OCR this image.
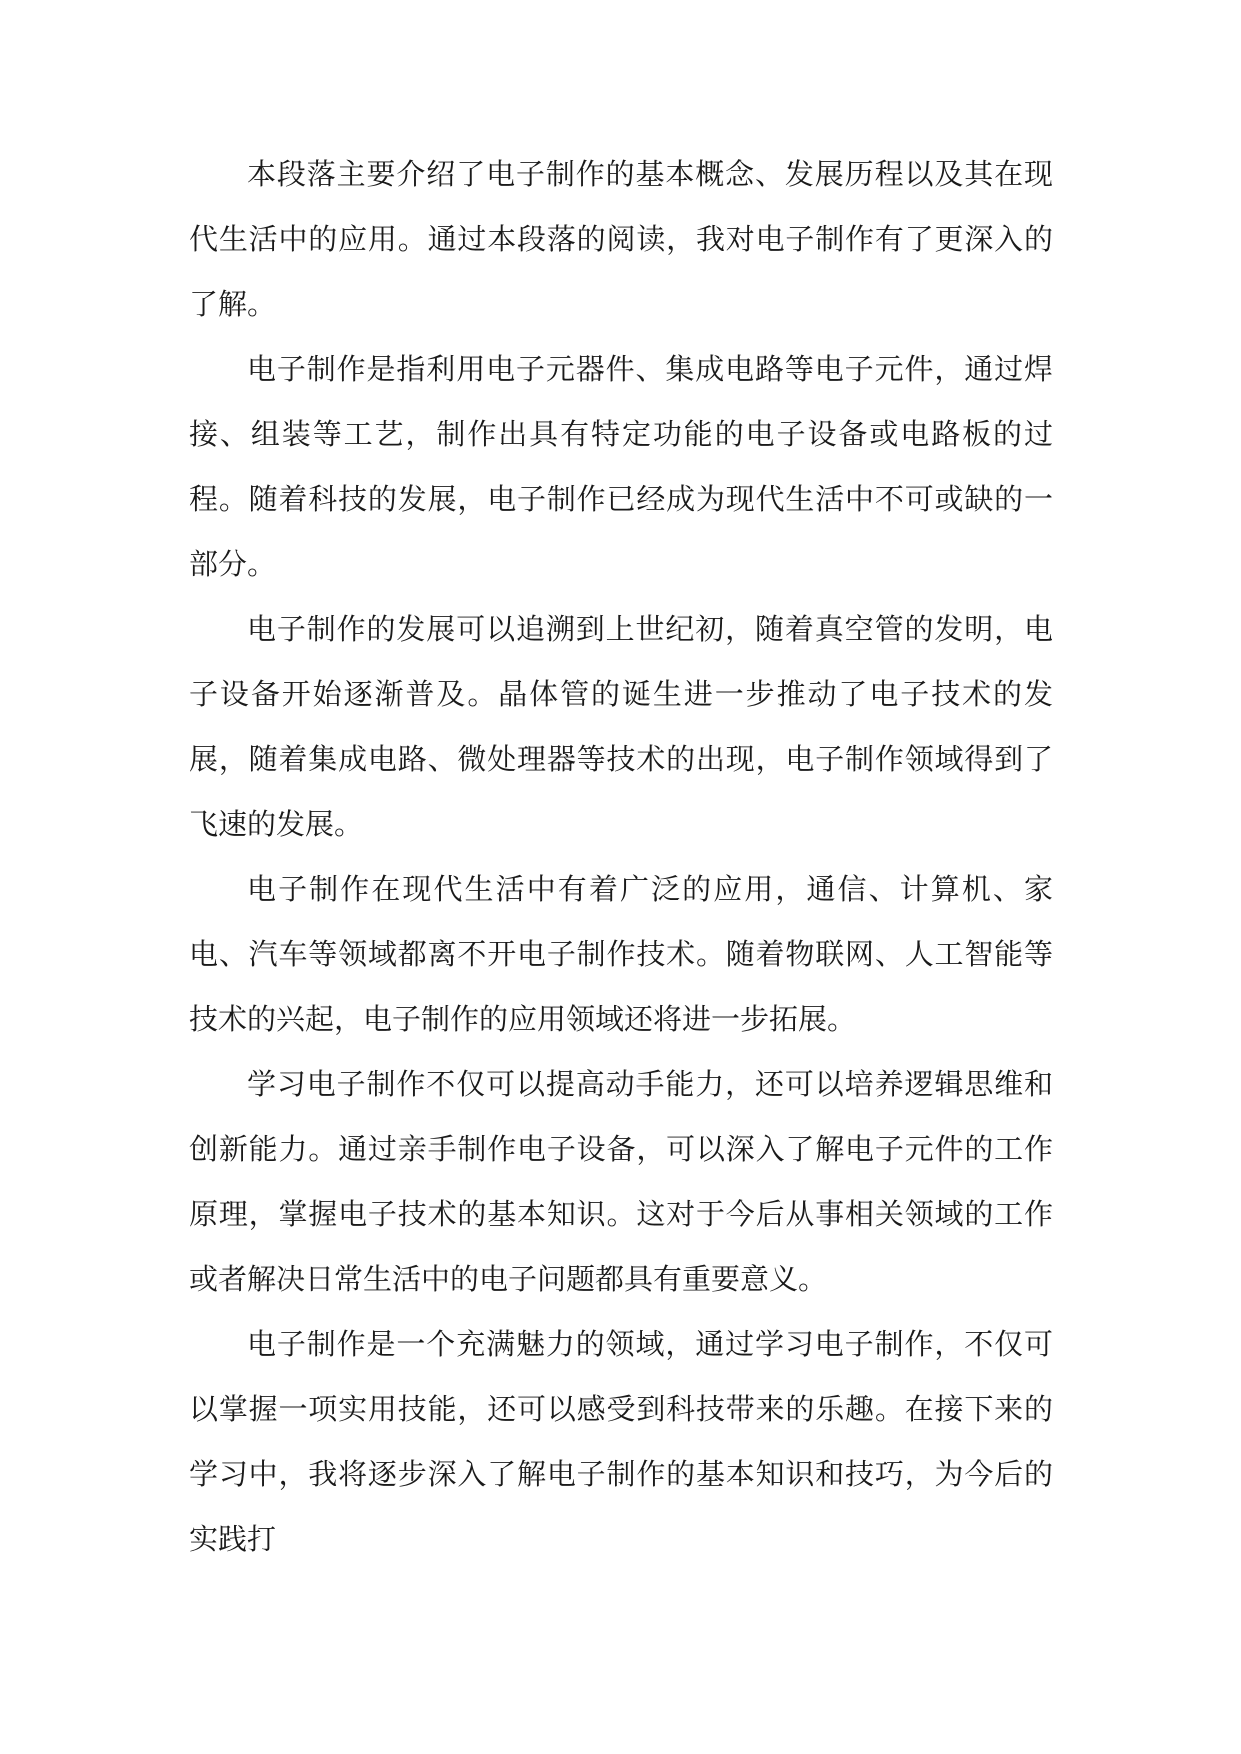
本段落主要介绍了电子制作的基本概念、发展历程以及其在现代生活中的应用。通过本段落的阅读，我对电子制作有了更深入的了解。

电子制作是指利用电子元器件、集成电路等电子元件，通过焊接、组装等工艺，制作出具有特定功能的电子设备或电路板的过程。随着科技的发展，电子制作已经成为现代生活中不可或缺的一部分。

电子制作的发展可以追溯到上世纪初，随着真空管的发明，电子设备开始逐渐普及。晶体管的诞生进一步推动了电子技术的发展，随着集成电路、微处理器等技术的出现，电子制作领域得到了飞速的发展。

电子制作在现代生活中有着广泛的应用，通信、计算机、家电、汽车等领域都离不开电子制作技术。随着物联网、人工智能等技术的兴起，电子制作的应用领域还将进一步拓展。

学习电子制作不仅可以提高动手能力，还可以培养逻辑思维和创新能力。通过亲手制作电子设备，可以深入了解电子元件的工作原理，掌握电子技术的基本知识。这对于今后从事相关领域的工作或者解决日常生活中的电子问题都具有重要意义。

电子制作是一个充满魅力的领域，通过学习电子制作，不仅可以掌握一项实用技能，还可以感受到科技带来的乐趣。在接下来的学习中，我将逐步深入了解电子制作的基本知识和技巧，为今后的实践打
